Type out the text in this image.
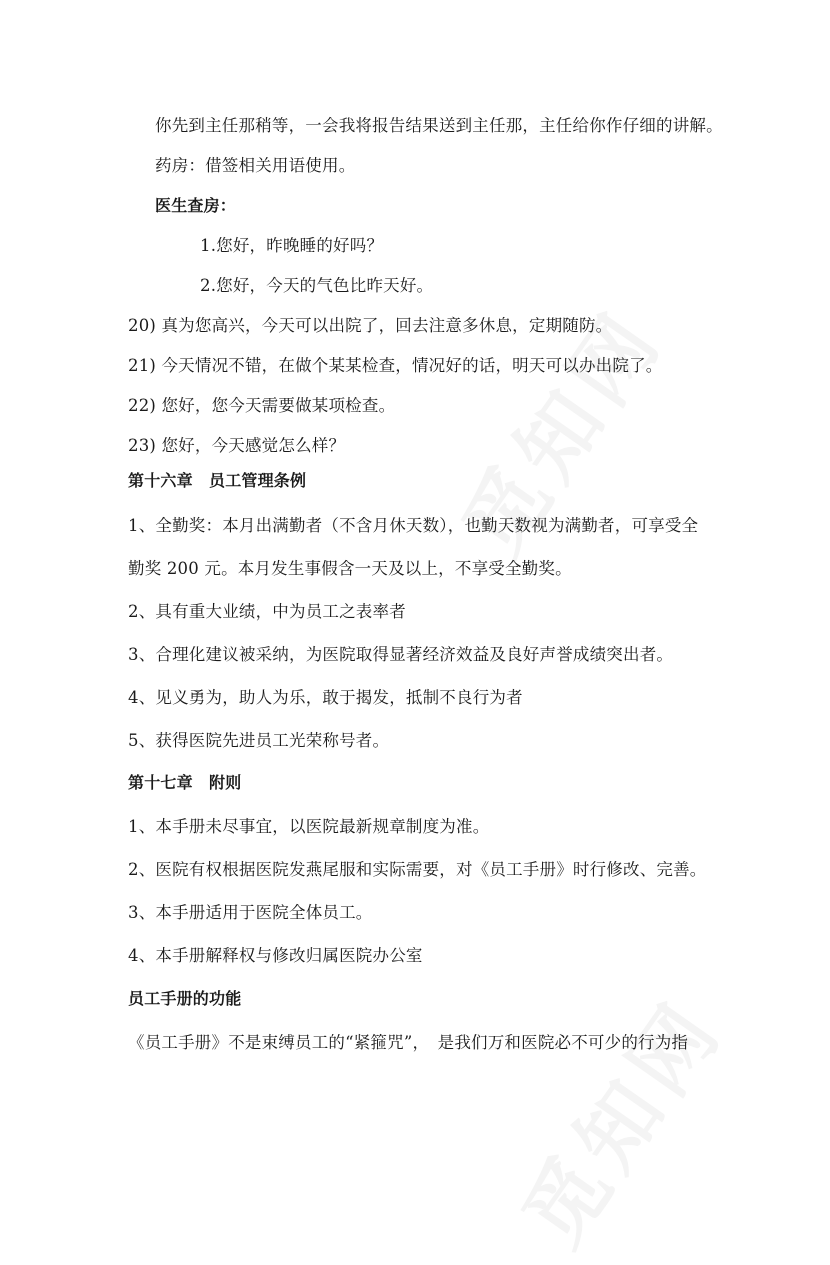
你先到主任那稍等，一会我将报告结果送到主任那，主任给你作仔细的讲解。
药房：借签相关用语使用。
医生查房：
1.您好，昨晚睡的好吗？
2.您好，今天的气色比昨天好。
20) 真为您高兴，今天可以出院了，回去注意多休息，定期随防。
21) 今天情况不错，在做个某某检查，情况好的话，明天可以办出院了。
22) 您好，您今天需要做某项检查。
23) 您好，今天感觉怎么样？
第十六章　员工管理条例
1、全勤奖：本月出满勤者（不含月休天数），也勤天数视为满勤者，可享受全
勤奖 200 元。本月发生事假含一天及以上，不享受全勤奖。
2、具有重大业绩，中为员工之表率者
3、合理化建议被采纳，为医院取得显著经济效益及良好声誉成绩突出者。
4、见义勇为，助人为乐，敢于揭发，抵制不良行为者
5、获得医院先进员工光荣称号者。
第十七章　附则
1、本手册未尽事宜，以医院最新规章制度为准。
2、医院有权根据医院发燕尾服和实际需要，对《员工手册》时行修改、完善。
3、本手册适用于医院全体员工。
4、本手册解释权与修改归属医院办公室
员工手册的功能
《员工手册》不是束缚员工的“紧箍咒”，　是我们万和医院必不可少的行为指
